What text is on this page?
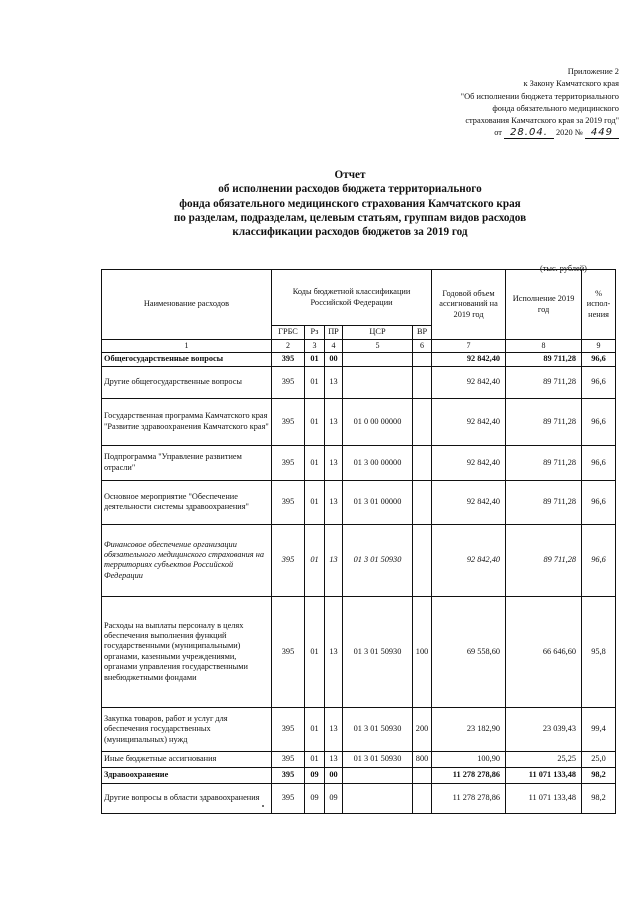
Приложение 2
к Закону Камчатского края
"Об исполнении бюджета территориального
фонда обязательного медицинского
страхования Камчатского края за 2019 год"
от 28.04. 2020 № 449
Отчет
об исполнении расходов бюджета территориального
фонда обязательного медицинского страхования Камчатского края
по разделам, подразделам, целевым статьям, группам видов расходов
классификации расходов бюджетов за 2019 год
(тыс. рублей)
Наименование расходов	Коды бюджетной классификации Российской Федерации					Годовой объем ассигнований на 2019 год	Исполнение 2019 год	% испол-нения
	ГРБС	Рз	ПР	ЦСР	ВР			
1	2	3	4	5	6	7	8	9
Общегосударственные вопросы	395	01	00			92 842,40	89 711,28	96,6
Другие общегосударственные вопросы	395	01	13			92 842,40	89 711,28	96,6
Государственная программа Камчатского края "Развитие здравоохранения Камчатского края"	395	01	13	01 0 00 00000		92 842,40	89 711,28	96,6
Подпрограмма "Управление развитием отрасли"	395	01	13	01 3 00 00000		92 842,40	89 711,28	96,6
Основное мероприятие "Обеспечение деятельности системы здравоохранения"	395	01	13	01 3 01 00000		92 842,40	89 711,28	96,6
Финансовое обеспечение организации обязательного медицинского страхования на территориях субъектов Российской Федерации	395	01	13	01 3 01 50930		92 842,40	89 711,28	96,6
Расходы на выплаты персоналу в целях обеспечения выполнения функций государственными (муниципальными) органами, казенными учреждениями, органами управления государственными внебюджетными фондами	395	01	13	01 3 01 50930	100	69 558,60	66 646,60	95,8
Закупка товаров, работ и услуг для обеспечения государственных (муниципальных) нужд	395	01	13	01 3 01 50930	200	23 182,90	23 039,43	99,4
Иные бюджетные ассигнования	395	01	13	01 3 01 50930	800	100,90	25,25	25,0
Здравоохранение	395	09	00			11 278 278,86	11 071 133,48	98,2
Другие вопросы в области здравоохранения	395	09	09			11 278 278,86	11 071 133,48	98,2
